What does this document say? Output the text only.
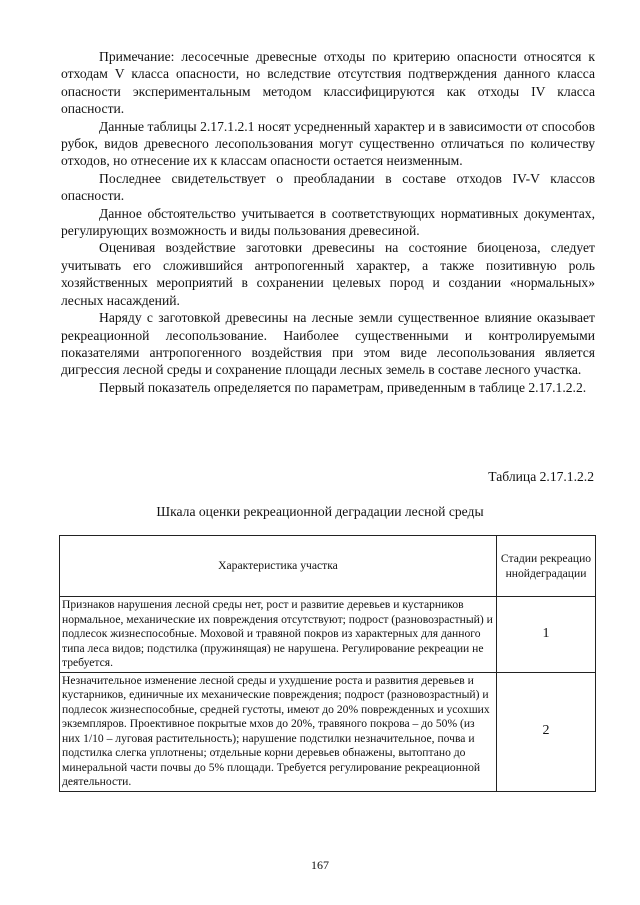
Примечание: лесосечные древесные отходы по критерию опасности относятся к отходам V класса опасности, но вследствие отсутствия подтверждения данного класса опасности экспериментальным методом классифицируются как отходы IV класса опасности.

Данные таблицы 2.17.1.2.1 носят усредненный характер и в зависимости от способов рубок, видов древесного лесопользования могут существенно отличаться по количеству отходов, но отнесение их к классам опасности остается неизменным.

Последнее свидетельствует о преобладании в составе отходов IV-V классов опасности.

Данное обстоятельство учитывается в соответствующих нормативных документах, регулирующих возможность и виды пользования древесиной.

Оценивая воздействие заготовки древесины на состояние биоценоза, следует учитывать его сложившийся антропогенный характер, а также позитивную роль хозяйственных мероприятий в сохранении целевых пород и создании «нормальных» лесных насаждений.

Наряду с заготовкой древесины на лесные земли существенное влияние оказывает рекреационной лесопользование. Наиболее существенными и контролируемыми показателями антропогенного воздействия при этом виде лесопользования является дигрессия лесной среды и сохранение площади лесных земель в составе лесного участка.

Первый показатель определяется по параметрам, приведенным в таблице 2.17.1.2.2.

Таблица 2.17.1.2.2
Шкала оценки рекреационной деградации лесной среды
Характеристика участка	Стадии рекреационнойдеградации
Признаков нарушения лесной среды нет, рост и развитие деревьев и кустарников нормальное, механические их повреждения отсутствуют; подрост (разновозрастный) и подлесок жизнеспособные. Моховой и травяной покров из характерных для данного типа леса видов; подстилка (пружинящая) не нарушена. Регулирование рекреации не требуется.	1
Незначительное изменение лесной среды и ухудшение роста и развития деревьев и кустарников, единичные их механические повреждения; подрост (разновозрастный) и подлесок жизнеспособные, средней густоты, имеют до 20% поврежденных и усохших экземпляров. Проективное покрытые мхов до 20%, травяного покрова – до 50% (из них 1/10 – луговая растительность); нарушение подстилки незначительное, почва и подстилка слегка уплотнены; отдельные корни деревьев обнажены, вытоптано до минеральной части почвы до 5% площади. Требуется регулирование рекреационной деятельности.	2
167
